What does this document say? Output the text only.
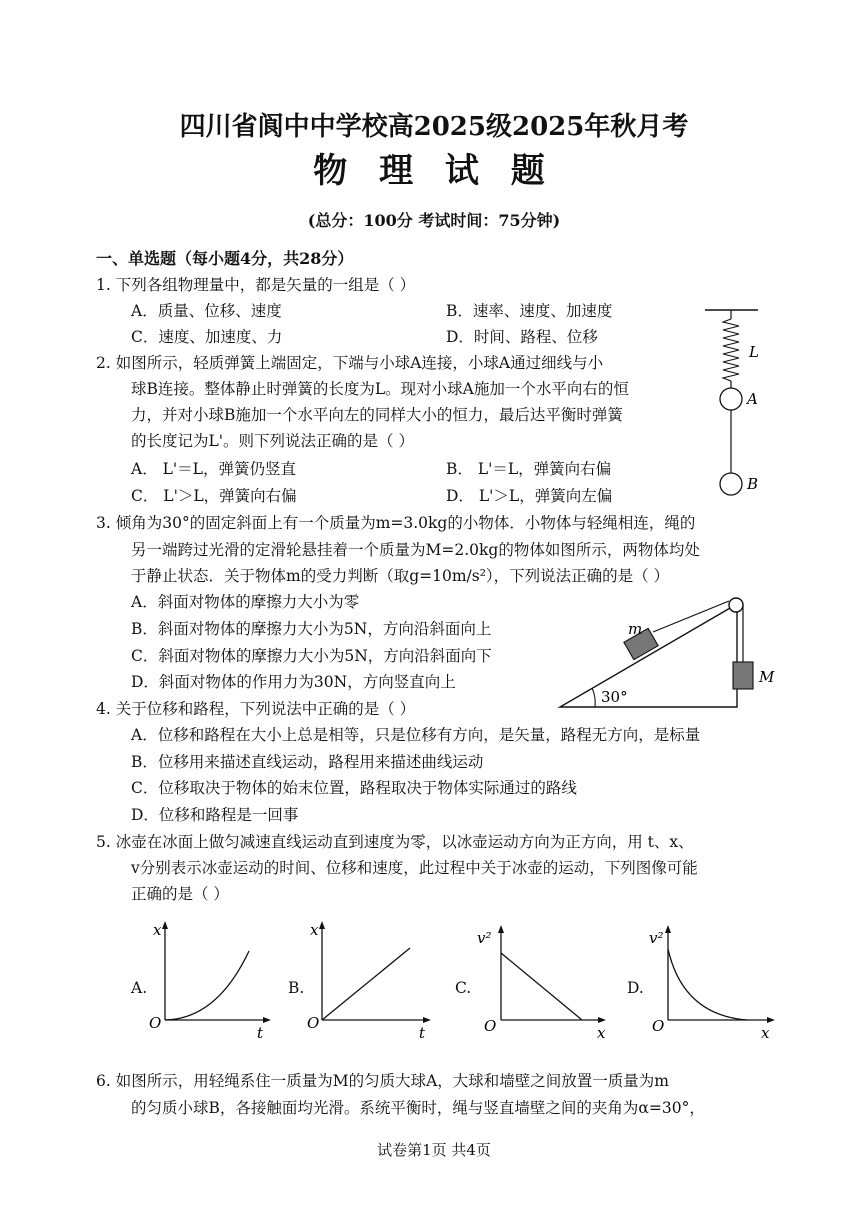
四川省阆中中学校高2025级2025年秋月考
物 理 试 题
(总分：100分 考试时间：75分钟)
一、单选题（每小题4分，共28分）
1. 下列各组物理量中，都是矢量的一组是（ ）
A．质量、位移、速度	B．速率、速度、加速度
C．速度、加速度、力	D．时间、路程、位移
2. 如图所示，轻质弹簧上端固定，下端与小球A连接，小球A通过细线与小
球B连接。整体静止时弹簧的长度为L。现对小球A施加一个水平向右的恒
力，并对小球B施加一个水平向左的同样大小的恒力，最后达平衡时弹簧
的长度记为L'。则下列说法正确的是（ ）
A． L'＝L，弹簧仍竖直	B． L'＝L，弹簧向右偏
C． L'＞L，弹簧向右偏	D． L'＞L，弹簧向左偏
L
A
B
3. 倾角为30°的固定斜面上有一个质量为m=3.0kg的小物体．小物体与轻绳相连，绳的
另一端跨过光滑的定滑轮悬挂着一个质量为M=2.0kg的物体如图所示，两物体均处
于静止状态．关于物体m的受力判断（取g=10m/s²），下列说法正确的是（ ）
A．斜面对物体的摩擦力大小为零
B．斜面对物体的摩擦力大小为5N，方向沿斜面向上
C．斜面对物体的摩擦力大小为5N，方向沿斜面向下
D．斜面对物体的作用力为30N，方向竖直向上
m
M
30°
4. 关于位移和路程，下列说法中正确的是（ ）
A．位移和路程在大小上总是相等，只是位移有方向，是矢量，路程无方向，是标量
B．位移用来描述直线运动，路程用来描述曲线运动
C．位移取决于物体的始末位置，路程取决于物体实际通过的路线
D．位移和路程是一回事
5. 冰壶在冰面上做匀减速直线运动直到速度为零，以冰壶运动方向为正方向，用 t、x、
v分别表示冰壶运动的时间、位移和速度，此过程中关于冰壶的运动，下列图像可能
正确的是（ ）
A.
x
t
O
B.
x
t
O
C.
v²
x
O
D.
v²
x
O
6. 如图所示，用轻绳系住一质量为M的匀质大球A，大球和墙壁之间放置一质量为m
的匀质小球B，各接触面均光滑。系统平衡时，绳与竖直墙壁之间的夹角为α=30°，
试卷第1页 共4页
